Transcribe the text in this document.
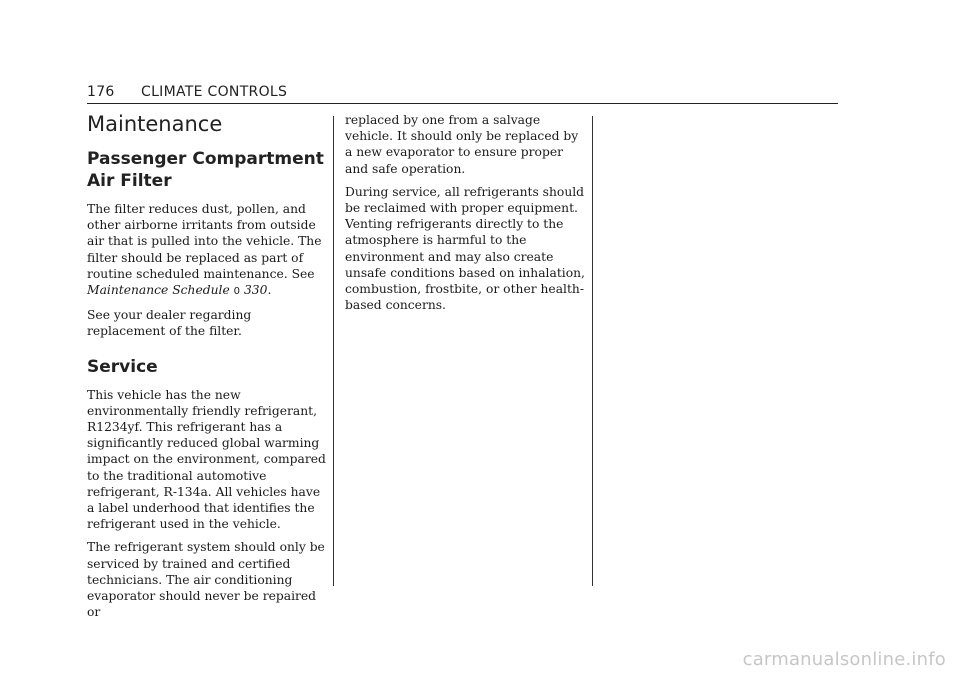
176 CLIMATE CONTROLS
Maintenance
Passenger Compartment
Air Filter

The filter reduces dust, pollen, and other airborne irritants from outside air that is pulled into the vehicle. The filter should be replaced as part of routine scheduled maintenance. See Maintenance Schedule 0 330.

See your dealer regarding replacement of the filter.

Service

This vehicle has the new environmentally friendly refrigerant, R1234yf. This refrigerant has a significantly reduced global warming impact on the environment, compared to the traditional automotive refrigerant, R-134a. All vehicles have a label underhood that identifies the refrigerant used in the vehicle.

The refrigerant system should only be serviced by trained and certified technicians. The air conditioning evaporator should never be repaired or

replaced by one from a salvage vehicle. It should only be replaced by a new evaporator to ensure proper and safe operation.

During service, all refrigerants should be reclaimed with proper equipment. Venting refrigerants directly to the atmosphere is harmful to the environment and may also create unsafe conditions based on inhalation, combustion, frostbite, or other health-based concerns.

carmanualsonline.info
